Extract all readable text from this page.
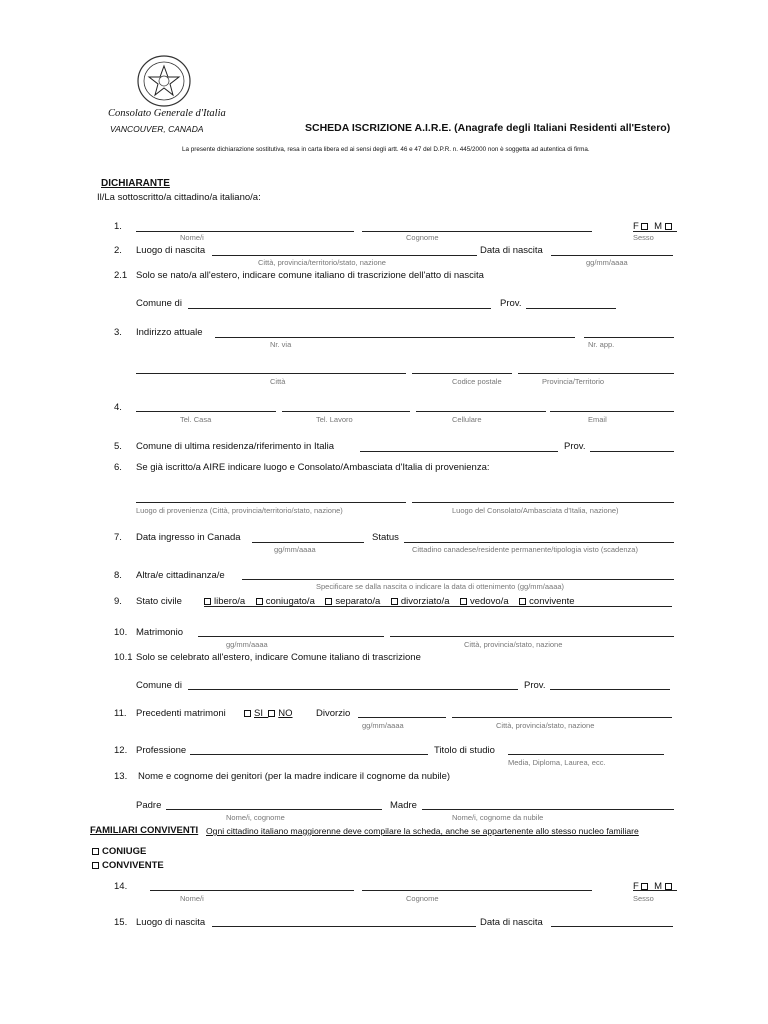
Consolato Generale d'Italia
VANCOUVER, CANADA	SCHEDA ISCRIZIONE A.I.R.E. (Anagrafe degli Italiani Residenti all'Estero)
La presente dichiarazione sostitutiva, resa in carta libera ed ai sensi degli artt. 46 e 47 del D.P.R. n. 445/2000 non è soggetta ad autentica di firma.
DICHIARANTE
Il/La sottoscritto/a cittadino/a italiano/a:
1.	F M
Nome/i	Cognome	Sesso
2. Luogo di nascita	Data di nascita
Città, provincia/territorio/stato, nazione	gg/mm/aaaa
2.1 Solo se nato/a all'estero, indicare comune italiano di trascrizione dell'atto di nascita
Comune di	Prov.
3. Indirizzo attuale
Nr. via	Nr. app.
Città	Codice postale	Provincia/Territorio
4.
Tel. Casa	Tel. Lavoro	Cellulare	Email
5. Comune di ultima residenza/riferimento in Italia	Prov.
6. Se già iscritto/a AIRE indicare luogo e Consolato/Ambasciata d'Italia di provenienza:
Luogo di provenienza (Città, provincia/territorio/stato, nazione)	Luogo del Consolato/Ambasciata d'Italia, nazione)
7. Data ingresso in Canada	Status
gg/mm/aaaa	Cittadino canadese/residente permanente/tipologia visto (scadenza)
8. Altra/e cittadinanza/e
Specificare se dalla nascita o indicare la data di ottenimento (gg/mm/aaaa)
9. Stato civile	libero/a coniugato/a separato/a divorziato/a vedovo/a convivente
10. Matrimonio
gg/mm/aaaa	Città, provincia/stato, nazione
10.1 Solo se celebrato all'estero, indicare Comune italiano di trascrizione
Comune di	Prov.
11. Precedenti matrimoni	SI NO Divorzio
gg/mm/aaaa	Città, provincia/stato, nazione
12. Professione	Titolo di studio
Media, Diploma, Laurea, ecc.
13. Nome e cognome dei genitori (per la madre indicare il cognome da nubile)
Padre	Madre
Nome/i, cognome	Nome/i, cognome da nubile
FAMILIARI CONVIVENTI Ogni cittadino italiano maggiorenne deve compilare la scheda, anche se appartenente allo stesso nucleo familiare
CONIUGE
CONVIVENTE
14.	F M
Nome/i	Cognome	Sesso
15. Luogo di nascita	Data di nascita
